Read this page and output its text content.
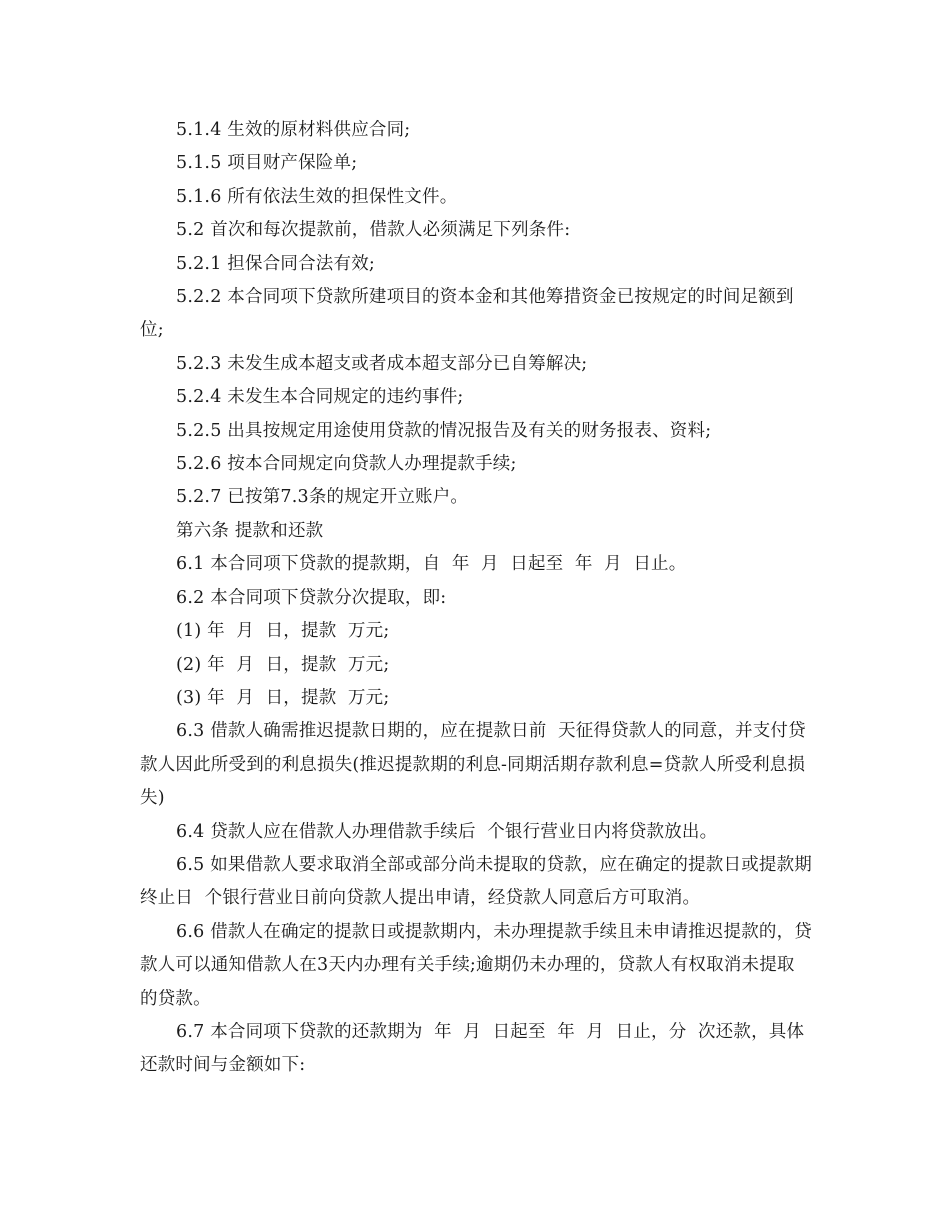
5.1.4 生效的原材料供应合同;

5.1.5 项目财产保险单;

5.1.6 所有依法生效的担保性文件。

5.2 首次和每次提款前，借款人必须满足下列条件:

5.2.1 担保合同合法有效;

5.2.2 本合同项下贷款所建项目的资本金和其他筹措资金已按规定的时间足额到位;

5.2.3 未发生成本超支或者成本超支部分已自筹解决;

5.2.4 未发生本合同规定的违约事件;

5.2.5 出具按规定用途使用贷款的情况报告及有关的财务报表、资料;

5.2.6 按本合同规定向贷款人办理提款手续;

5.2.7 已按第7.3条的规定开立账户。

第六条 提款和还款

6.1 本合同项下贷款的提款期，自  年  月  日起至  年  月  日止。

6.2 本合同项下贷款分次提取，即:

(1) 年  月  日，提款  万元;

(2) 年  月  日，提款  万元;

(3) 年  月  日，提款  万元;

6.3 借款人确需推迟提款日期的，应在提款日前  天征得贷款人的同意，并支付贷款人因此所受到的利息损失(推迟提款期的利息-同期活期存款利息=贷款人所受利息损失)

6.4 贷款人应在借款人办理借款手续后  个银行营业日内将贷款放出。

6.5 如果借款人要求取消全部或部分尚未提取的贷款，应在确定的提款日或提款期终止日  个银行营业日前向贷款人提出申请，经贷款人同意后方可取消。

6.6 借款人在确定的提款日或提款期内，未办理提款手续且未申请推迟提款的，贷款人可以通知借款人在3天内办理有关手续;逾期仍未办理的，贷款人有权取消未提取的贷款。

6.7 本合同项下贷款的还款期为  年  月  日起至  年  月  日止，分  次还款，具体还款时间与金额如下:
